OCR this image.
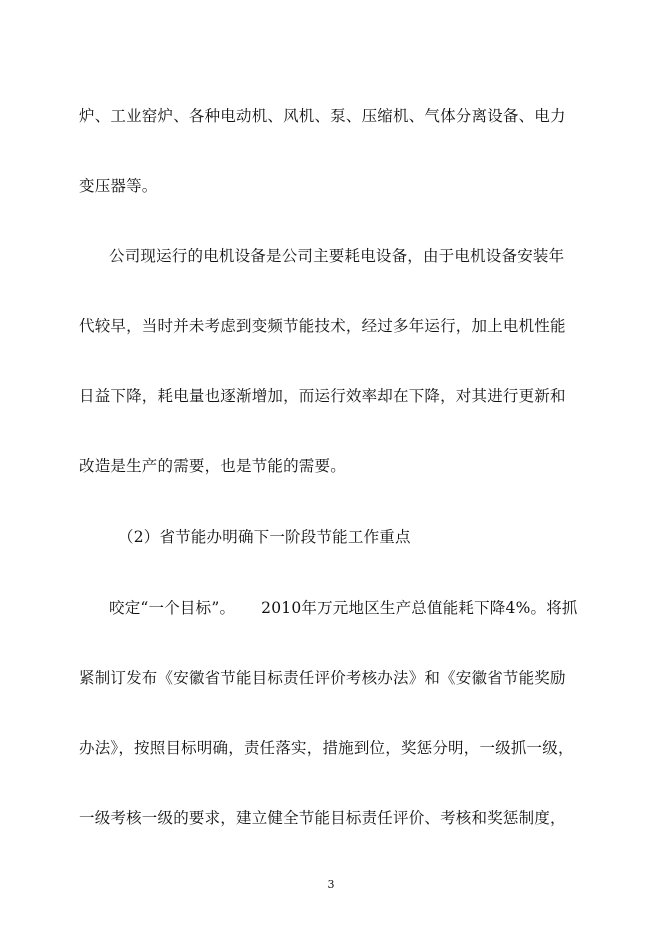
炉、工业窑炉、各种电动机、风机、泵、压缩机、气体分离设备、电力
变压器等。
公司现运行的电机设备是公司主要耗电设备，由于电机设备安装年
代较早，当时并未考虑到变频节能技术，经过多年运行，加上电机性能
日益下降，耗电量也逐渐增加，而运行效率却在下降，对其进行更新和
改造是生产的需要，也是节能的需要。
（2）省节能办明确下一阶段节能工作重点
咬定“一个目标”。 2010年万元地区生产总值能耗下降4%。将抓
紧制订发布《安徽省节能目标责任评价考核办法》和《安徽省节能奖励
办法》，按照目标明确，责任落实，措施到位，奖惩分明，一级抓一级，
一级考核一级的要求，建立健全节能目标责任评价、考核和奖惩制度，
3
